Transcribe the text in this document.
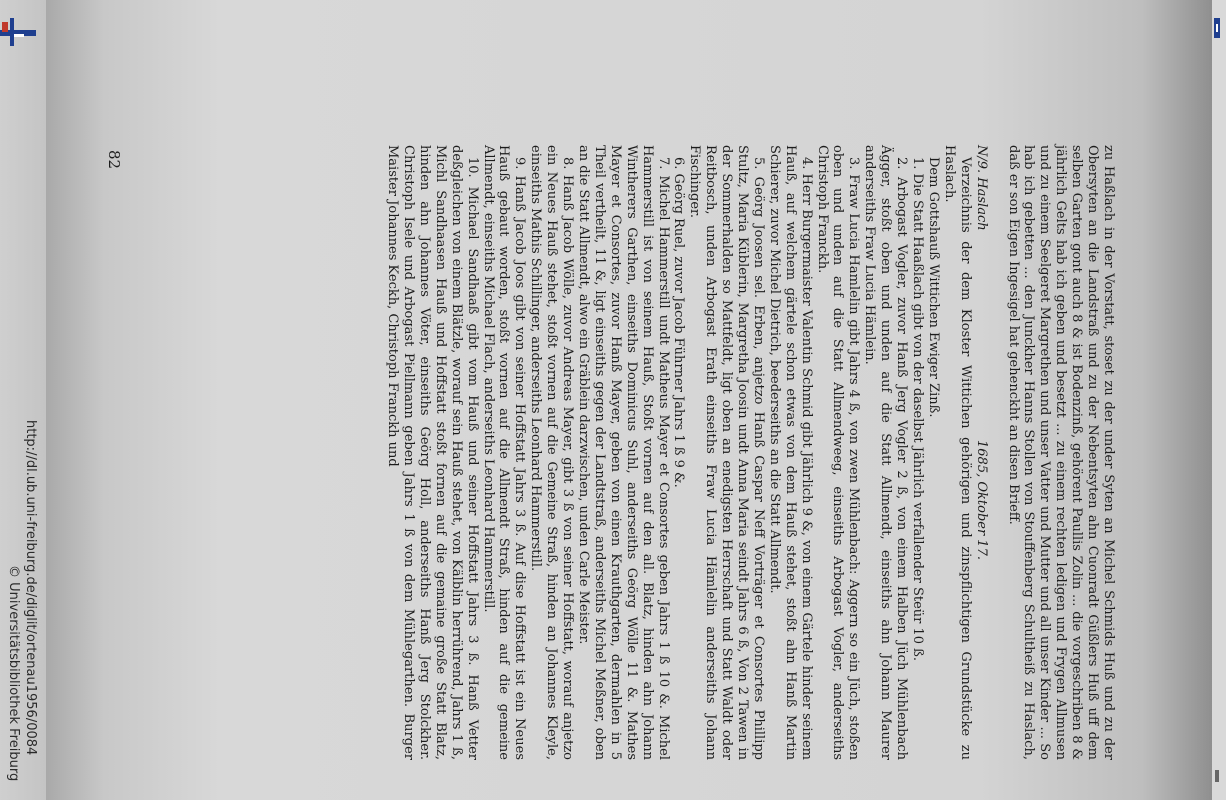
zu Haßlach in der Vorstatt, stoset zu der under Syten an Michel Schmids Huß und zu der Obersyten an die Landstraß und zu der Nebentsyten ahn Cuonradt Güßlers Huß uff dem selben Garten gont auch 8 & ist Bodenzinß, gehörent Paullis Zolin ... die vorgeschriben 8 & jährlich Gelts hab ich geben und besetzt ... zu einem rechten ledigen und Frygen Allmusen und zu einem Seelgeret Margrethen und unser Vatter und Mutter und all unser Kinder ... So hab ich gebetten ... den Junckher Hanns Stollen von Stouffenberg Schultheiß zu Haslach, daß er son Eigen Ingesigel hat gehenckht an disen Brieff.

N/9. Haslach
1685, Oktober 17.

Verzeichnis der dem Kloster Wittichen gehörigen und zinspflichtigen Grundstücke zu Haslach.

Dem Gottshauß Wittichen Ewiger Zinß.

1. Die Statt Haaßlach gibt von der daselbst Jährlich verfallender Steür 10 ß.

2. Arbogast Vogler, zuvor Hanß Jerg Vogler 2 ß, von einem Halben Jüch Mühlenbach Ägger, stoßt oben und unden auf die Statt Allmendt, einseiths ahn Johann Maurer anderseiths Fraw Lucia Hämlein.

3. Fraw Lucia Hamlelin gibt Jahrs 4 ß, von zwen Mühlenbach: Aggern so ein Jüch, stoßen oben und unden auf die Statt Allmendweeg, einseiths Arbogast Vogler, anderseiths Christoph Franckh.

4. Herr Burgermaister Valentin Schmid gibt Jährlich 9 &, von einem Gärtele hinder seinem Hauß, auf welchem gärtele schon etwas von dem Hauß stehet, stoßt ahn Hanß Martin Schierer, zuvor Michel Dietrich, beederseiths an die Statt Allmendt.

5. Geörg Joosen sel. Erben, anjetzo Hanß Caspar Neff Vorträger et Consortes Phillipp Stultz, Maria Küblerin, Margretha Joosin undt Anna Maria seindt Jahrs 6 ß, Von 2 Tawen in der Sommerhalden so Mattfeldt, ligt oben an enedigsten Herrschaft und Statt Waldt oder Reitbosch, unden Arbogast Erath einseiths Fraw Lucia Hämlelin anderseiths Johann Fischinger.

6. Geörg Ruel, zuvor Jacob Führner Jahrs 1 ß 9 &.

7. Michel Hammerstill undt Matheus Mayer et Consortes geben Jahrs 1 ß 10 &. Michel Hammerstill ist von seinem Hauß, Stoßt vornen auf den all. Blatz, hinden ahn Johann Wintherers Garthen, einseiths Dominicus Suhl, anderseiths Geörg Wölle 11 &. Mathes Mayer et Consortes, zuvor Hanß Mayer, geben von einen Krauthgarten, dermahlen in 5 Theil vertheilt, 11 &, ligt einseiths gegen der Landtstraß, anderseiths Michel Meßner, oben an die Statt Allmendt, alwo ein Gräblein darzwischen, unden Carle Meister.

8. Hanß Jacob Wölle, zuvor Andreas Mayer, gibt 3 ß von seiner Hoffstatt, worauf anjetzo ein Neues Hauß stehet, stoßt vornen auf die Gemeine Straß, hinden an Johannes Kleyle, einseiths Mathis Schillinger, anderseiths Leonhard Hammerstill.

9. Hanß Jacob Joos gibt von seiner Hoffstatt Jahrs 3 ß. Auf dise Hoffstatt ist ein Neues Hauß gebaut worden, stoßt vornen auf die Allmendt Straß, hinden auf die gemeine Allmendt, einseiths Michael Flach, anderseiths Leonhard Hammerstill.

10. Michael Sandhaaß gibt vom Hauß und seiner Hoffstatt Jahrs 3 ß. Hanß Vetter deßgleichen von einem Blätzle, worauf sein Hauß stehet, von Kälblin herrührend, Jahrs 1 ß, Michl Sandhaasen Hauß und Hoffstatt stoßt fornen auf die gemaine große Statt Blatz, hinden ahn Johannes Vöter, einseiths Geörg Holl, anderseiths Hanß Jerg Stolckher. Christoph Isele und Arbogast Piellmann geben Jahrs 1 ß von dem Mühlegarthen. Burger Maister Johannes Keckh, Christoph Franckh und

82
http://dl.ub.uni-freiburg.de/diglit/ortenau1956/0084
© Universitätsbibliothek Freiburg
